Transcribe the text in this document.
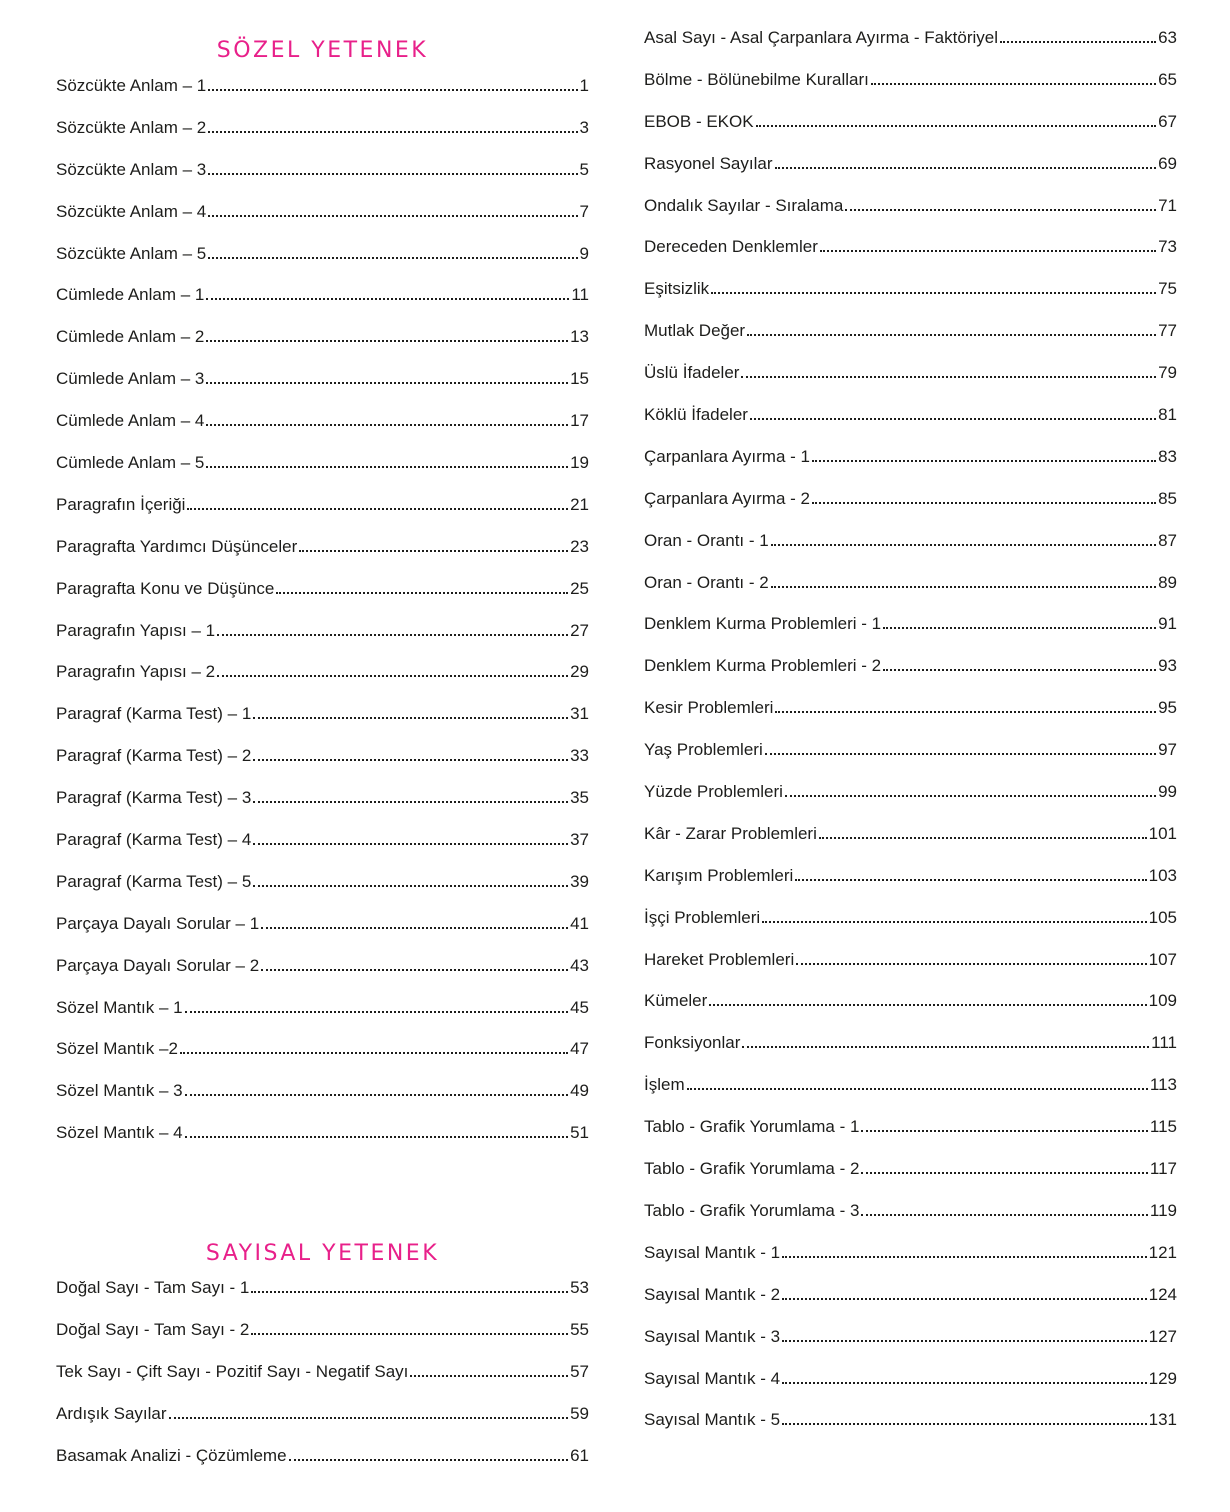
SÖZEL YETENEK
Sözcükte Anlam – 1	1
Sözcükte Anlam – 2	3
Sözcükte Anlam – 3	5
Sözcükte Anlam – 4	7
Sözcükte Anlam – 5	9
Cümlede Anlam – 1	11
Cümlede Anlam – 2	13
Cümlede Anlam – 3	15
Cümlede Anlam – 4	17
Cümlede Anlam – 5	19
Paragrafın İçeriği	21
Paragrafta Yardımcı Düşünceler	23
Paragrafta Konu ve Düşünce	25
Paragrafın Yapısı – 1	27
Paragrafın Yapısı – 2	29
Paragraf (Karma Test) – 1	31
Paragraf (Karma Test) – 2	33
Paragraf (Karma Test) – 3	35
Paragraf (Karma Test) – 4	37
Paragraf (Karma Test) – 5	39
Parçaya Dayalı Sorular – 1	41
Parçaya Dayalı Sorular – 2	43
Sözel Mantık – 1	45
Sözel Mantık –2	47
Sözel Mantık – 3	49
Sözel Mantık – 4	51
SAYISAL YETENEK
Doğal Sayı - Tam Sayı - 1	53
Doğal Sayı - Tam Sayı - 2	55
Tek Sayı - Çift Sayı - Pozitif Sayı - Negatif Sayı	57
Ardışık Sayılar	59
Basamak Analizi - Çözümleme	61
Asal Sayı - Asal Çarpanlara Ayırma - Faktöriyel	63
Bölme - Bölünebilme Kuralları	65
EBOB - EKOK	67
Rasyonel Sayılar	69
Ondalık Sayılar - Sıralama	71
Dereceden Denklemler	73
Eşitsizlik	75
Mutlak Değer	77
Üslü İfadeler	79
Köklü İfadeler	81
Çarpanlara Ayırma - 1	83
Çarpanlara Ayırma - 2	85
Oran - Orantı - 1	87
Oran - Orantı - 2	89
Denklem Kurma Problemleri - 1	91
Denklem Kurma Problemleri - 2	93
Kesir Problemleri	95
Yaş Problemleri	97
Yüzde Problemleri	99
Kâr - Zarar Problemleri	101
Karışım Problemleri	103
İşçi Problemleri	105
Hareket Problemleri	107
Kümeler	109
Fonksiyonlar	111
İşlem	113
Tablo - Grafik Yorumlama - 1	115
Tablo - Grafik Yorumlama - 2	117
Tablo - Grafik Yorumlama - 3	119
Sayısal Mantık - 1	121
Sayısal Mantık - 2	124
Sayısal Mantık - 3	127
Sayısal Mantık - 4	129
Sayısal Mantık - 5	131
